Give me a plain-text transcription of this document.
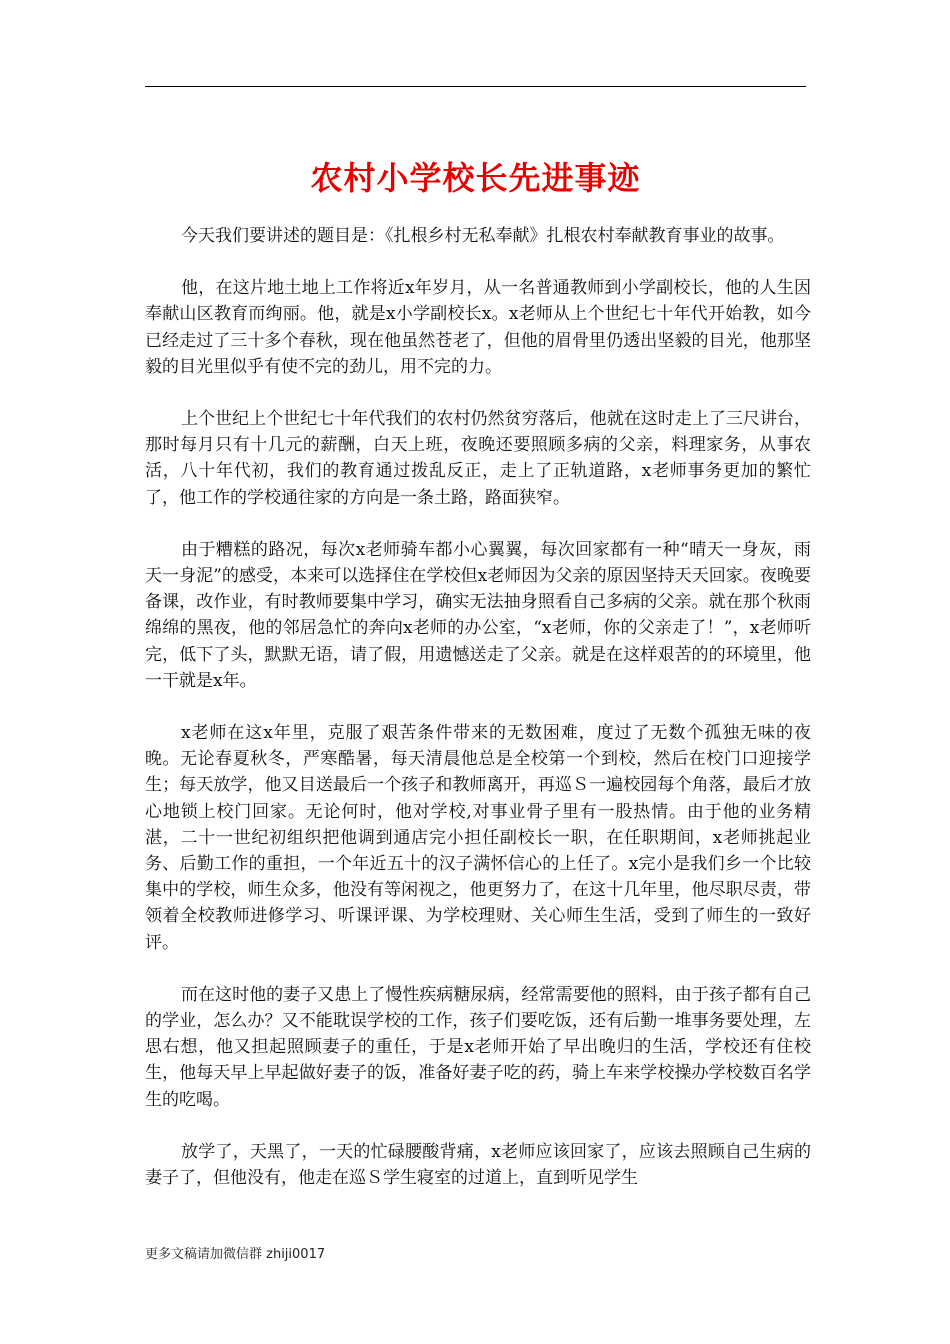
农村小学校长先进事迹

今天我们要讲述的题目是：《扎根乡村无私奉献》扎根农村奉献教育事业的故事。

他，在这片地土地上工作将近x年岁月，从一名普通教师到小学副校长，他的人生因奉献山区教育而绚丽。他，就是x小学副校长x。x老师从上个世纪七十年代开始教，如今已经走过了三十多个春秋，现在他虽然苍老了，但他的眉骨里仍透出坚毅的目光，他那坚毅的目光里似乎有使不完的劲儿，用不完的力。

上个世纪上个世纪七十年代我们的农村仍然贫穷落后，他就在这时走上了三尺讲台，那时每月只有十几元的薪酬，白天上班，夜晚还要照顾多病的父亲，料理家务，从事农活，八十年代初，我们的教育通过拨乱反正，走上了正轨道路，x老师事务更加的繁忙了，他工作的学校通往家的方向是一条土路，路面狭窄。

由于糟糕的路况，每次x老师骑车都小心翼翼，每次回家都有一种“晴天一身灰，雨天一身泥”的感受，本来可以选择住在学校但x老师因为父亲的原因坚持天天回家。夜晚要备课，改作业，有时教师要集中学习，确实无法抽身照看自己多病的父亲。就在那个秋雨绵绵的黑夜，他的邻居急忙的奔向x老师的办公室，“x老师，你的父亲走了！”，x老师听完，低下了头，默默无语，请了假，用遗憾送走了父亲。就是在这样艰苦的的环境里，他一干就是x年。

x老师在这x年里，克服了艰苦条件带来的无数困难，度过了无数个孤独无味的夜晚。无论春夏秋冬，严寒酷暑，每天清晨他总是全校第一个到校，然后在校门口迎接学生；每天放学，他又目送最后一个孩子和教师离开，再巡Ｓ一遍校园每个角落，最后才放心地锁上校门回家。无论何时，他对学校,对事业骨子里有一股热情。由于他的业务精湛，二十一世纪初组织把他调到通店完小担任副校长一职，在任职期间，x老师挑起业务、后勤工作的重担，一个年近五十的汉子满怀信心的上任了。x完小是我们乡一个比较集中的学校，师生众多，他没有等闲视之，他更努力了，在这十几年里，他尽职尽责，带领着全校教师进修学习、听课评课、为学校理财、关心师生生活，受到了师生的一致好评。

而在这时他的妻子又患上了慢性疾病糖尿病，经常需要他的照料，由于孩子都有自己的学业，怎么办？又不能耽误学校的工作，孩子们要吃饭，还有后勤一堆事务要处理，左思右想，他又担起照顾妻子的重任，于是x老师开始了早出晚归的生活，学校还有住校生，他每天早上早起做好妻子的饭，准备好妻子吃的药，骑上车来学校操办学校数百名学生的吃喝。

放学了，天黑了，一天的忙碌腰酸背痛，x老师应该回家了，应该去照顾自己生病的妻子了，但他没有，他走在巡Ｓ学生寝室的过道上，直到听见学生

更多文稿请加微信群 zhiji0017
